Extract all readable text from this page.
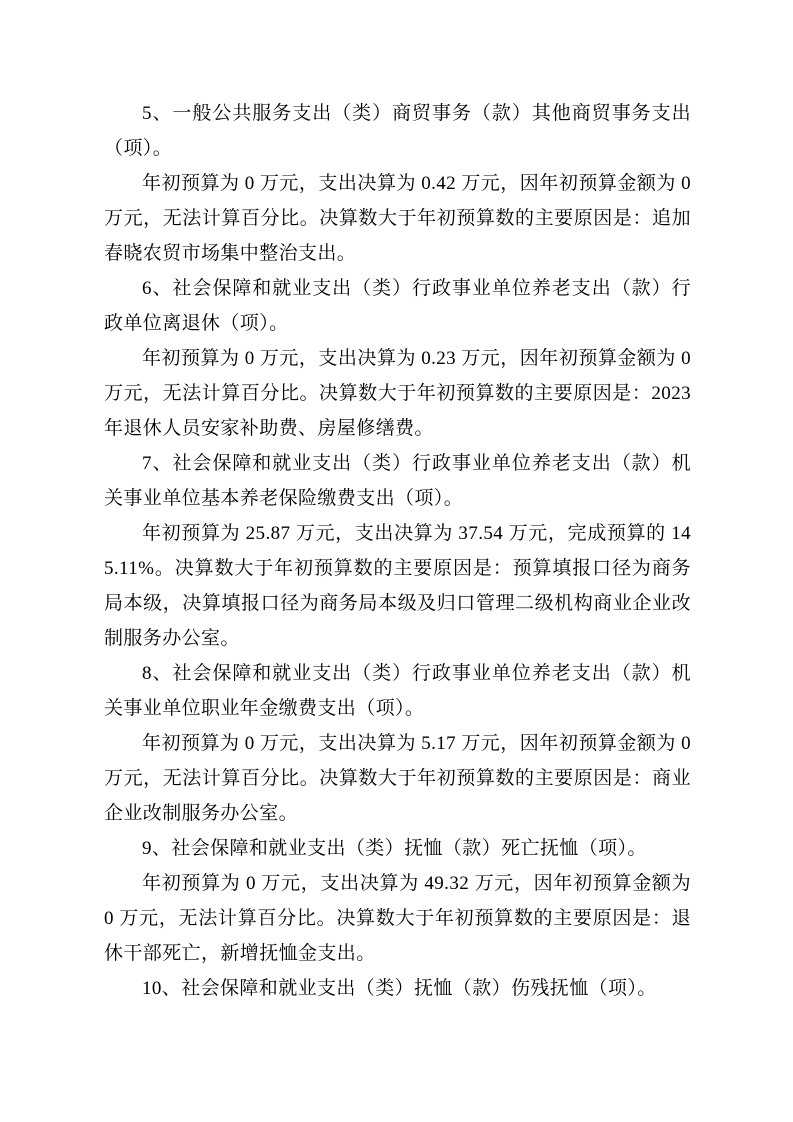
5、一般公共服务支出（类）商贸事务（款）其他商贸事务支出（项）。

年初预算为 0 万元，支出决算为 0.42 万元，因年初预算金额为 0 万元，无法计算百分比。决算数大于年初预算数的主要原因是：追加春晓农贸市场集中整治支出。

6、社会保障和就业支出（类）行政事业单位养老支出（款）行政单位离退休（项）。

年初预算为 0 万元，支出决算为 0.23 万元，因年初预算金额为 0 万元，无法计算百分比。决算数大于年初预算数的主要原因是：2023 年退休人员安家补助费、房屋修缮费。

7、社会保障和就业支出（类）行政事业单位养老支出（款）机关事业单位基本养老保险缴费支出（项）。

年初预算为 25.87 万元，支出决算为 37.54 万元，完成预算的 145.11%。决算数大于年初预算数的主要原因是：预算填报口径为商务局本级，决算填报口径为商务局本级及归口管理二级机构商业企业改制服务办公室。

8、社会保障和就业支出（类）行政事业单位养老支出（款）机关事业单位职业年金缴费支出（项）。

年初预算为 0 万元，支出决算为 5.17 万元，因年初预算金额为 0 万元，无法计算百分比。决算数大于年初预算数的主要原因是：商业企业改制服务办公室。

9、社会保障和就业支出（类）抚恤（款）死亡抚恤（项）。

年初预算为 0 万元，支出决算为 49.32 万元，因年初预算金额为 0 万元，无法计算百分比。决算数大于年初预算数的主要原因是：退休干部死亡，新增抚恤金支出。

10、社会保障和就业支出（类）抚恤（款）伤残抚恤（项）。
